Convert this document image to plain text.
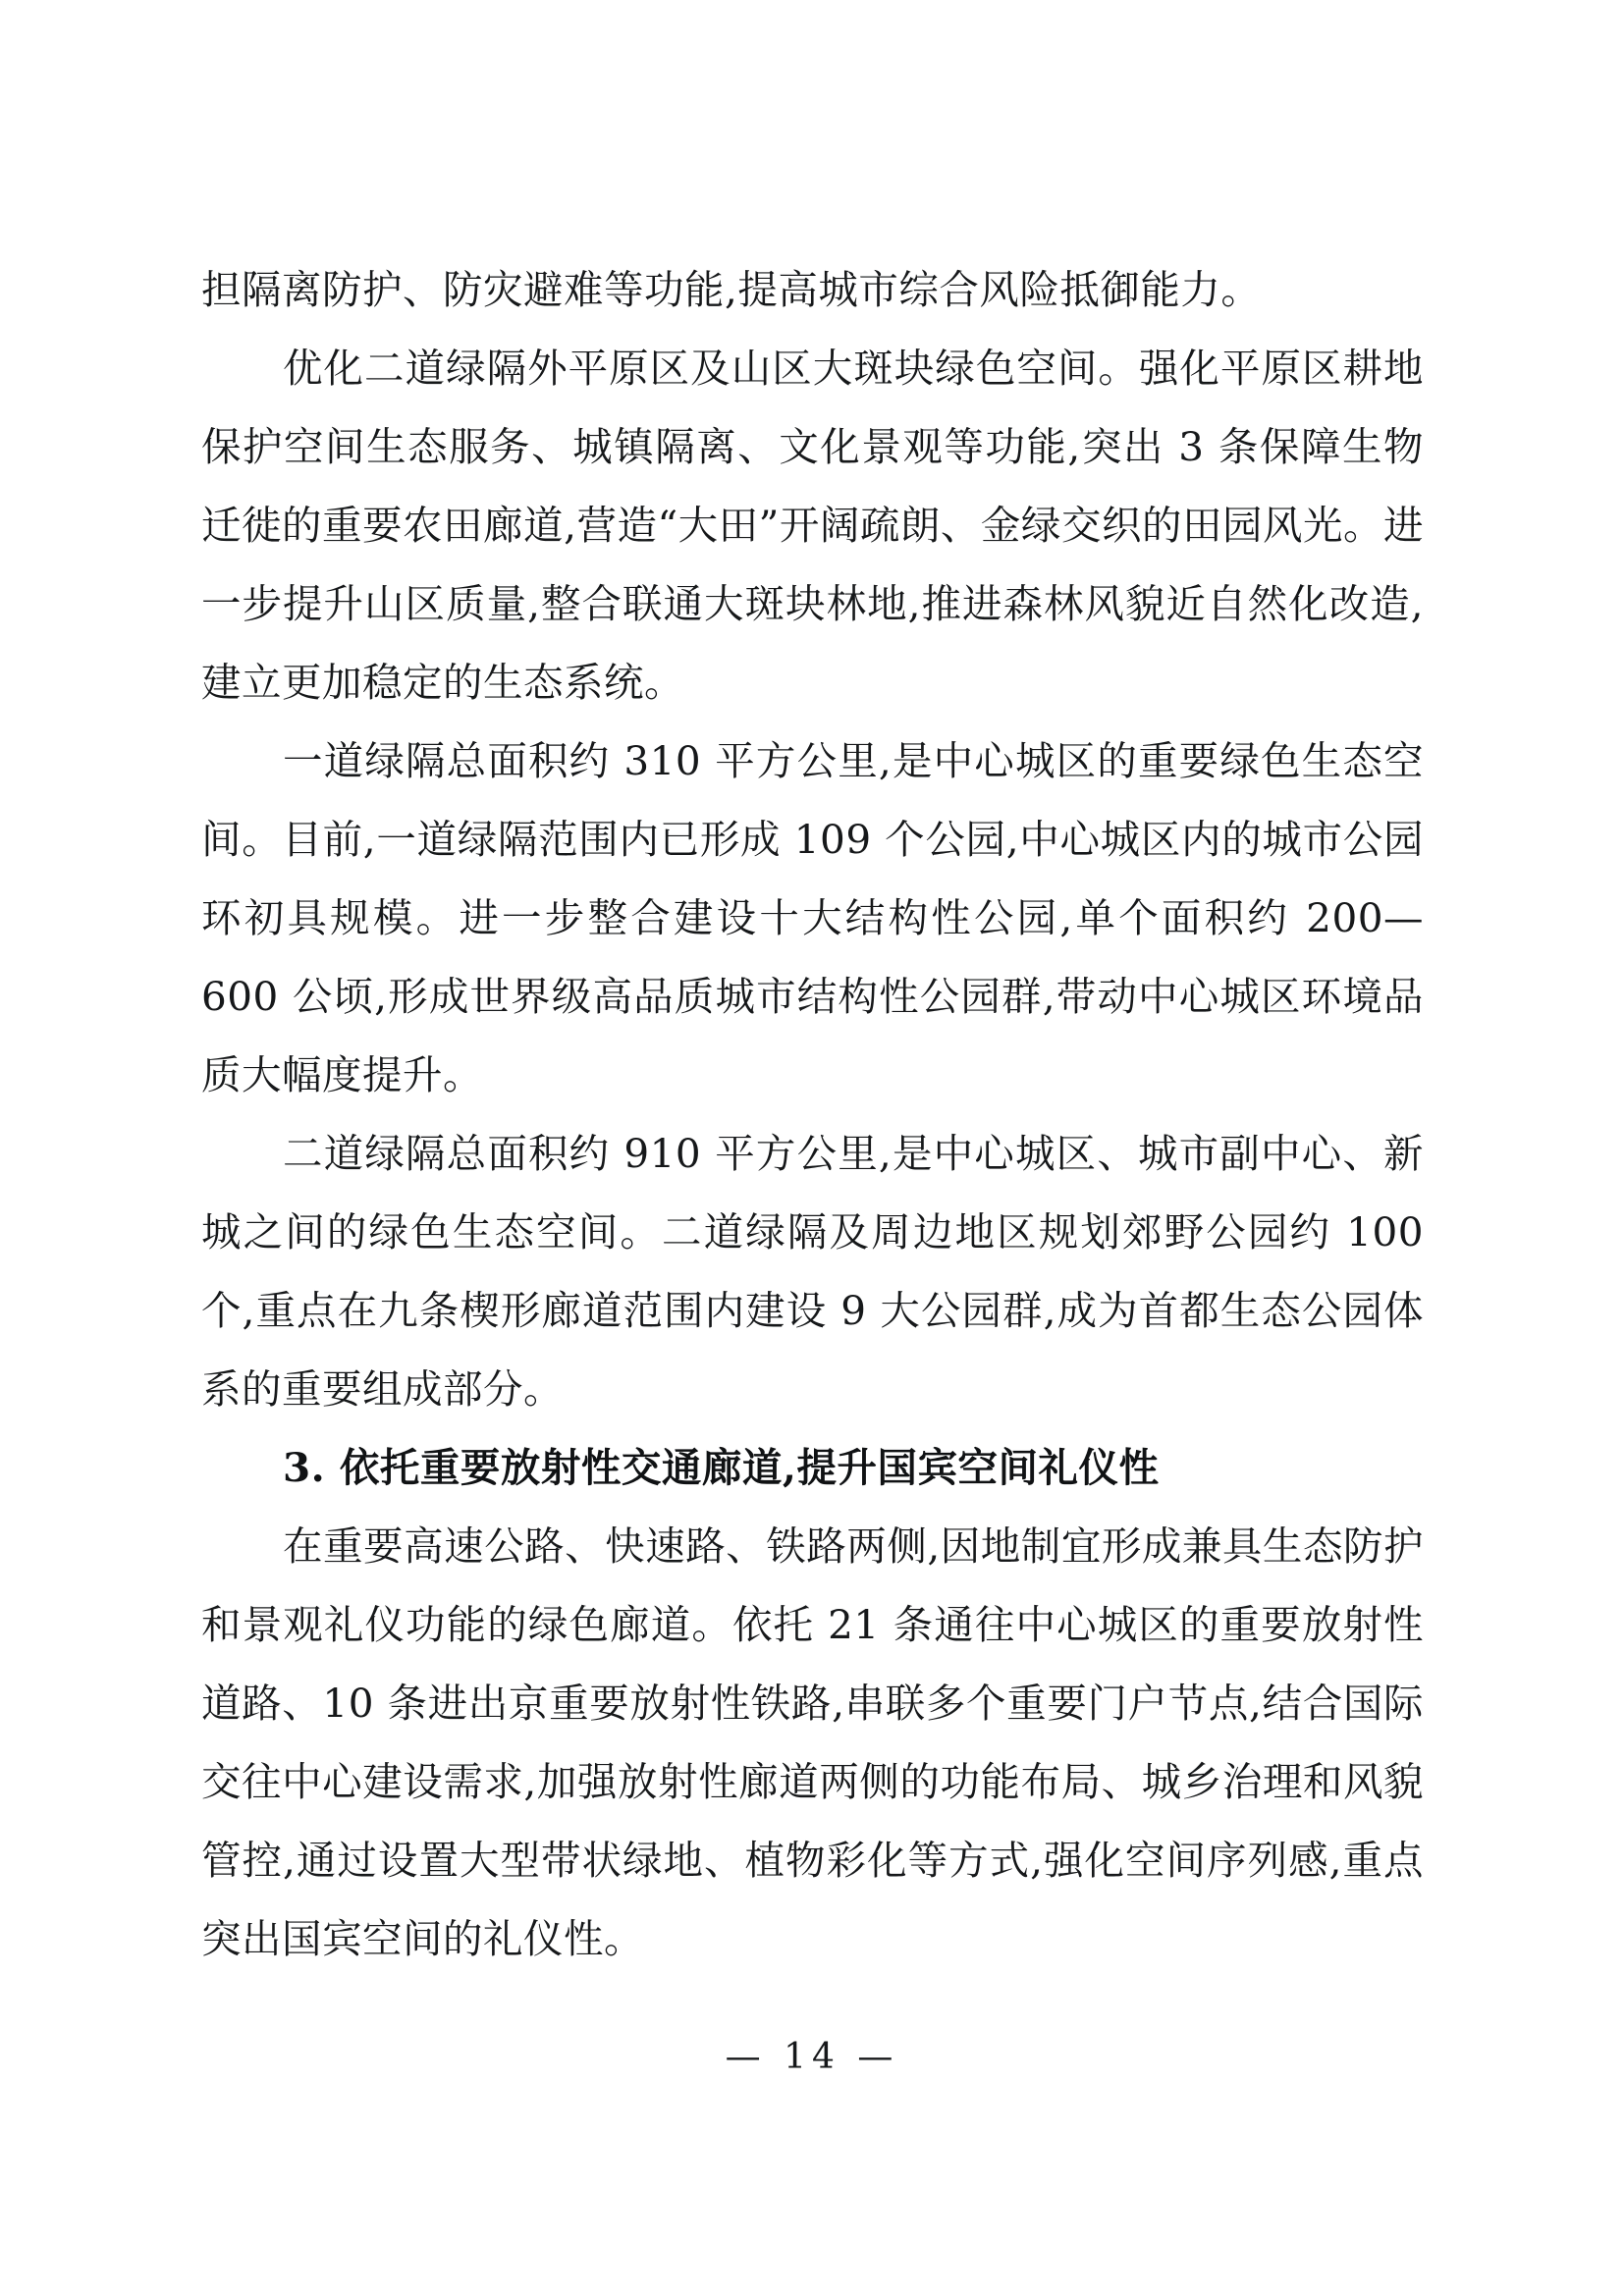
担隔离防护、防灾避难等功能,提高城市综合风险抵御能力。

优化二道绿隔外平原区及山区大斑块绿色空间。强化平原区耕地保护空间生态服务、城镇隔离、文化景观等功能,突出 3 条保障生物迁徙的重要农田廊道,营造“大田”开阔疏朗、金绿交织的田园风光。进一步提升山区质量,整合联通大斑块林地,推进森林风貌近自然化改造,建立更加稳定的生态系统。

一道绿隔总面积约 310 平方公里,是中心城区的重要绿色生态空间。目前,一道绿隔范围内已形成 109 个公园,中心城区内的城市公园环初具规模。进一步整合建设十大结构性公园,单个面积约 200—600 公顷,形成世界级高品质城市结构性公园群,带动中心城区环境品质大幅度提升。

二道绿隔总面积约 910 平方公里,是中心城区、城市副中心、新城之间的绿色生态空间。二道绿隔及周边地区规划郊野公园约 100 个,重点在九条楔形廊道范围内建设 9 大公园群,成为首都生态公园体系的重要组成部分。

3. 依托重要放射性交通廊道,提升国宾空间礼仪性

在重要高速公路、快速路、铁路两侧,因地制宜形成兼具生态防护和景观礼仪功能的绿色廊道。依托 21 条通往中心城区的重要放射性道路、10 条进出京重要放射性铁路,串联多个重要门户节点,结合国际交往中心建设需求,加强放射性廊道两侧的功能布局、城乡治理和风貌管控,通过设置大型带状绿地、植物彩化等方式,强化空间序列感,重点突出国宾空间的礼仪性。

— 14 —
